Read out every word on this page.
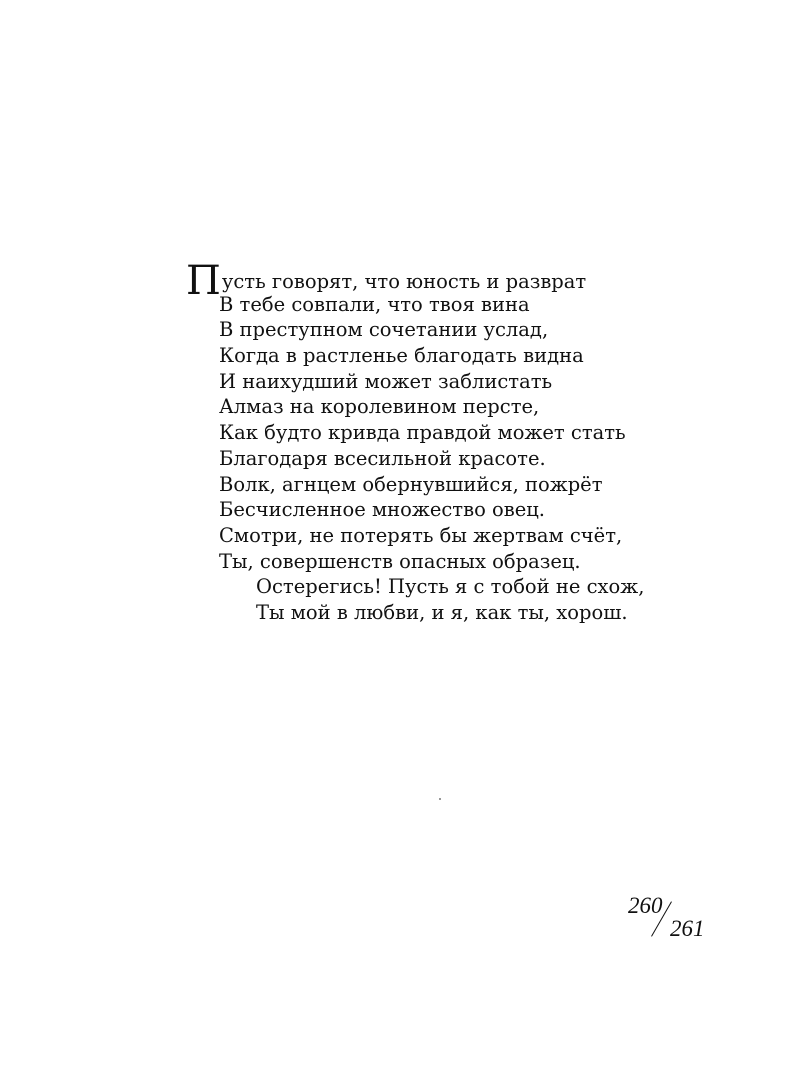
Пусть говорят, что юность и разврат
В тебе совпали, что твоя вина
В преступном сочетании услад,
Когда в растленье благодать видна
И наихудший может заблистать
Алмаз на королевином персте,
Как будто кривда правдой может стать
Благодаря всесильной красоте.
Волк, агнцем обернувшийся, пожрёт
Бесчисленное множество овец.
Смотри, не потерять бы жертвам счёт,
Ты, совершенств опасных образец.
Остерегись! Пусть я с тобой не схож,
Ты мой в любви, и я, как ты, хорош.
260
261
